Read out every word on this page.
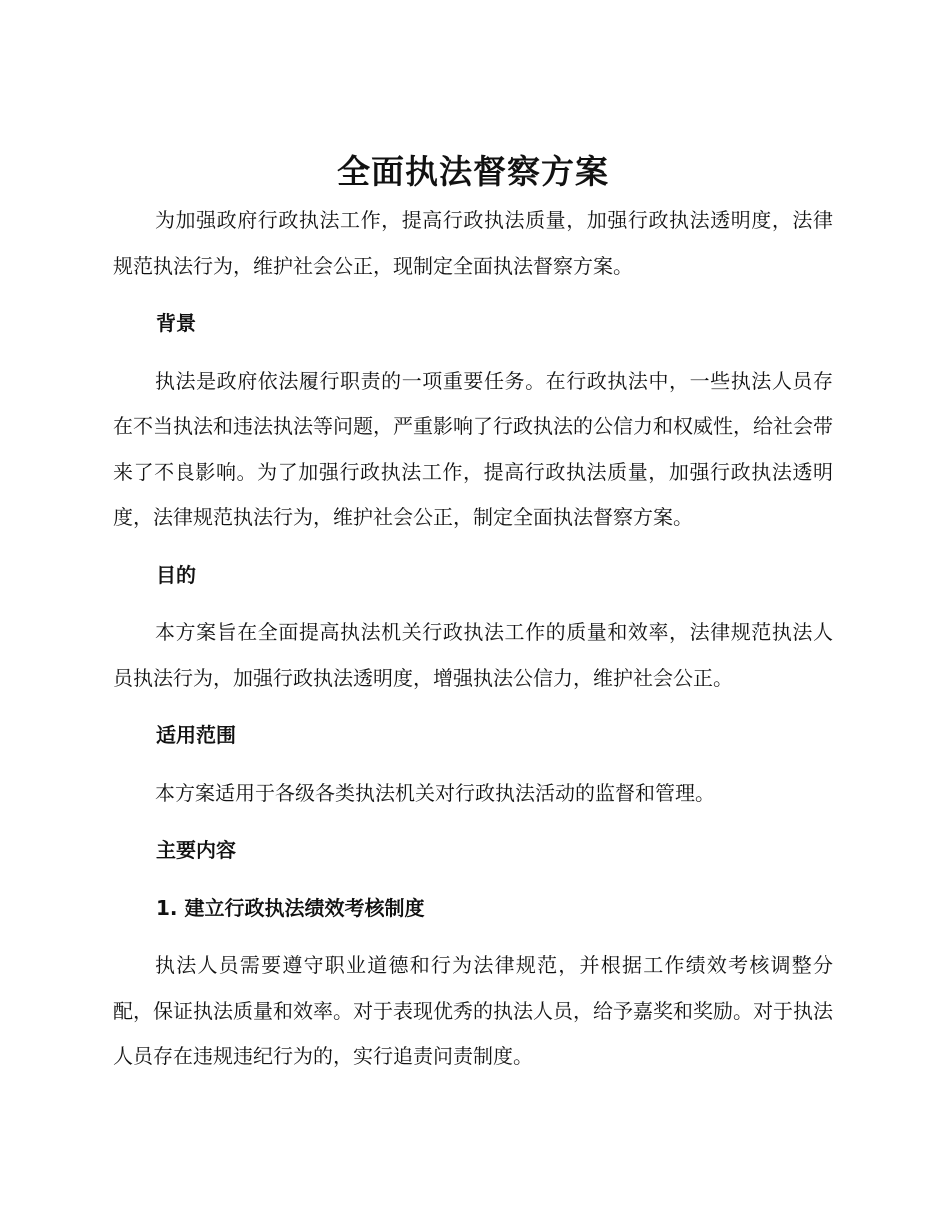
全面执法督察方案

为加强政府行政执法工作，提高行政执法质量，加强行政执法透明度，法律规范执法行为，维护社会公正，现制定全面执法督察方案。

背景

执法是政府依法履行职责的一项重要任务。在行政执法中，一些执法人员存在不当执法和违法执法等问题，严重影响了行政执法的公信力和权威性，给社会带来了不良影响。为了加强行政执法工作，提高行政执法质量，加强行政执法透明度，法律规范执法行为，维护社会公正，制定全面执法督察方案。

目的

本方案旨在全面提高执法机关行政执法工作的质量和效率，法律规范执法人员执法行为，加强行政执法透明度，增强执法公信力，维护社会公正。

适用范围

本方案适用于各级各类执法机关对行政执法活动的监督和管理。

主要内容
1. 建立行政执法绩效考核制度

执法人员需要遵守职业道德和行为法律规范，并根据工作绩效考核调整分配，保证执法质量和效率。对于表现优秀的执法人员，给予嘉奖和奖励。对于执法人员存在违规违纪行为的，实行追责问责制度。
